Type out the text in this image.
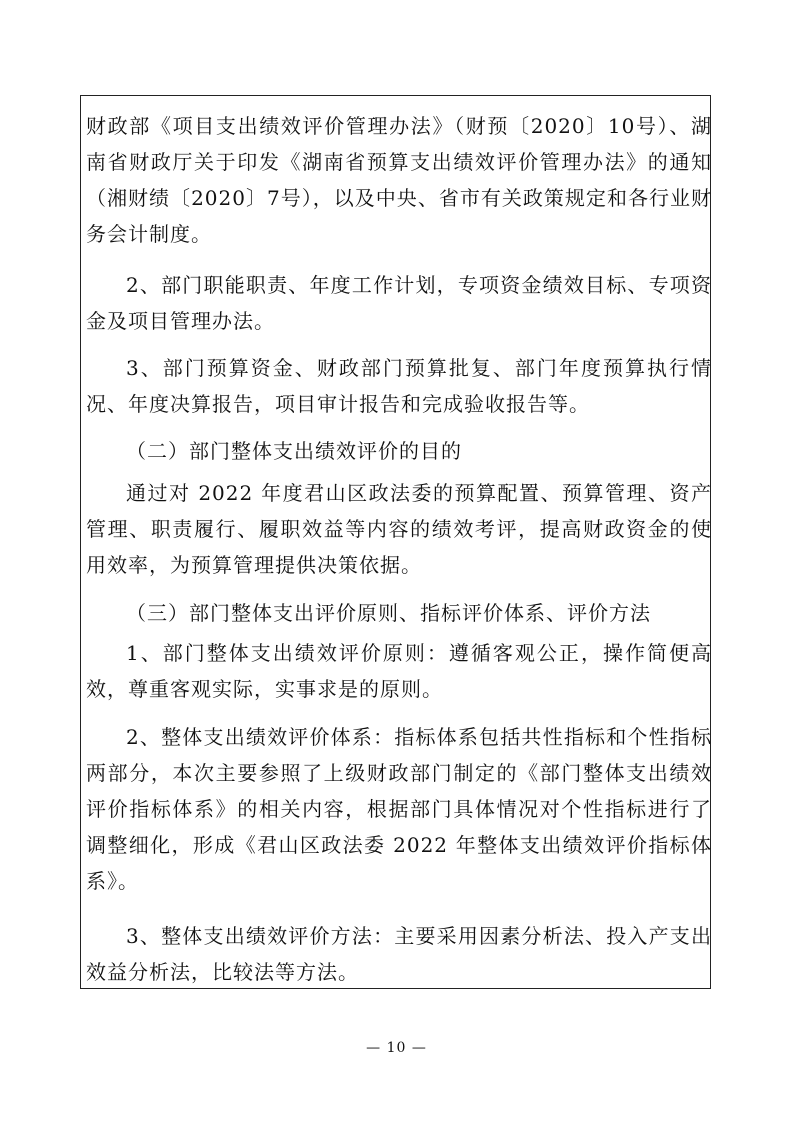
财政部《项目支出绩效评价管理办法》（财预〔2020〕10号）、湖南省财政厅关于印发《湖南省预算支出绩效评价管理办法》的通知（湘财绩〔2020〕7号），以及中央、省市有关政策规定和各行业财务会计制度。

2、部门职能职责、年度工作计划，专项资金绩效目标、专项资金及项目管理办法。

3、部门预算资金、财政部门预算批复、部门年度预算执行情况、年度决算报告，项目审计报告和完成验收报告等。

（二）部门整体支出绩效评价的目的

通过对 2022 年度君山区政法委的预算配置、预算管理、资产管理、职责履行、履职效益等内容的绩效考评，提高财政资金的使用效率，为预算管理提供决策依据。

（三）部门整体支出评价原则、指标评价体系、评价方法

1、部门整体支出绩效评价原则：遵循客观公正，操作简便高效，尊重客观实际，实事求是的原则。

2、整体支出绩效评价体系：指标体系包括共性指标和个性指标两部分，本次主要参照了上级财政部门制定的《部门整体支出绩效评价指标体系》的相关内容，根据部门具体情况对个性指标进行了调整细化，形成《君山区政法委 2022 年整体支出绩效评价指标体系》。

3、整体支出绩效评价方法：主要采用因素分析法、投入产支出效益分析法，比较法等方法。

— 10 —
